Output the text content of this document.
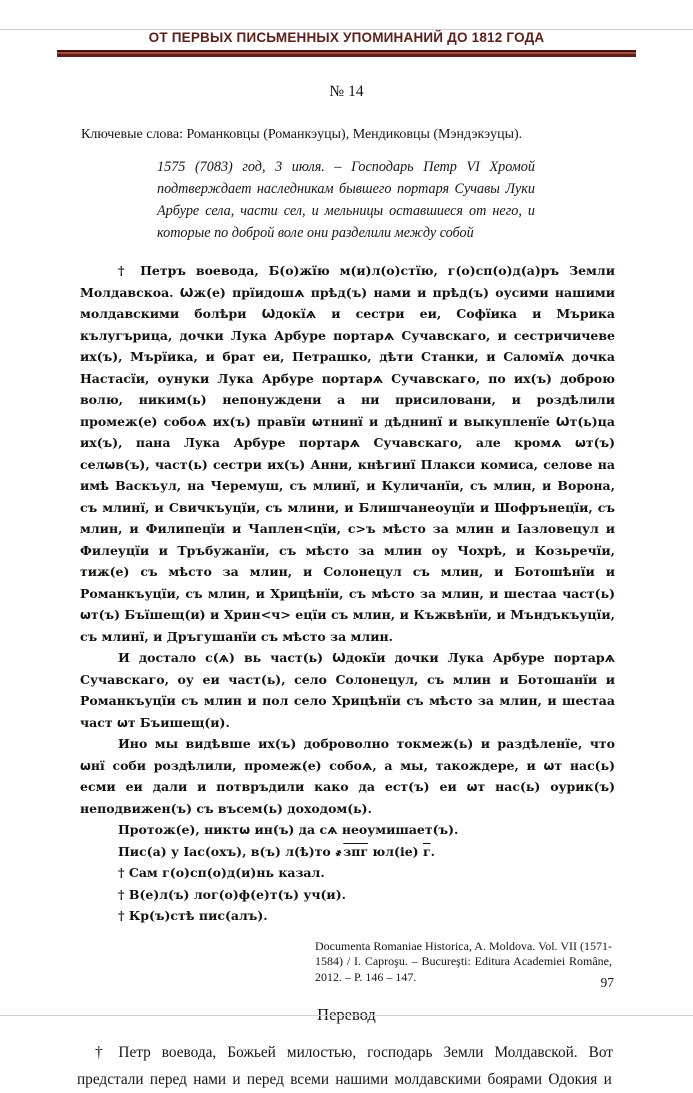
ОТ ПЕРВЫХ ПИСЬМЕННЫХ УПОМИНАНИЙ ДО 1812 ГОДА
№ 14

Ключевые слова: Романковцы (Романкэуцы), Мендиковцы (Мэндэкэуцы).

1575 (7083) год, 3 июля. – Господарь Петр VI Хромой подтверждает наследникам бывшего портаря Сучавы Луки Арбуре села, части сел, и мельницы оставшиеся от него, и которые по доброй воле они разделили между собой

† Петръ воевода, Б(о)жїю м(и)л(о)стїю, г(о)сп(о)д(а)ръ Земли Молдавскоа. Ѡж(е) прїидошѧ прѣд(ъ) нами и прѣд(ъ) оусими нашими молдавскими болѣри Ѡдокїѧ и сестри еи, Софїика и Мърика кълугърица, дочки Лука Арбуре портарѧ Сучавскаго, и сестричичеве их(ъ), Мърїика, и брат еи, Петрашко, дѣти Станки, и Саломїѧ дочка Настасїи, оунуки Лука Арбуре портарѧ Сучавскаго, по их(ъ) доброю волю, никим(ь) непонуждени а ни присиловани, и роздѣлили промеж(е) собоѧ их(ъ) правїи ѡтнинї и дѣднинї и выкупленїе Ѡт(ь)ца их(ъ), пана Лука Арбуре портарѧ Сучавскаго, але кромѧ ѡт(ъ) селѡв(ъ), част(ь) сестри их(ъ) Анни, кнѣгинї Плакси комиса, селове на имѣ Васкъул, на Черемуш, съ млинї, и Куличанїи, съ млин, и Ворона, съ млинї, и Свичкъуцїи, съ млини, и Блишчанеоуцїи и Шофрънецїи, съ млин, и Филипецїи и Чаплен<цїи, с>ъ мѣсто за млин и Іазловецул и Филеуцїи и Тръбужанїи, съ мѣсто за млин оу Чохрѣ, и Козьречїи, тиж(е) съ мѣсто за млин, и Солонецул съ млин, и Ботошѣнїи и Романкъуцїи, съ млин, и Хрицѣнїи, съ мѣсто за млин, и шестаа част(ь) ѡт(ъ) Бъїшещ(и) и Хрин<ч> ецїи съ млин, и Къжвѣнїи, и Мъндъкъуцїи, съ млинї, и Дръгушанїи съ мѣсто за млин.

И достало с(ѧ) вь част(ь) Ѡдокїи дочки Лука Арбуре портарѧ Сучавскаго, оу еи част(ь), село Солонецул, съ млин и Ботошанїи и Романкъуцїи съ млин и пол село Хрицѣнїи съ мѣсто за млин, и шестаа част ѡт Бъишещ(и).

Ино мы видѣвше их(ъ) доброволно токмеж(ь) и раздѣленїе, что ѡнї соби роздѣлили, промеж(е) собоѧ, а мы, такождере, и ѡт нас(ь) есми еи дали и потвръдили како да ест(ъ) еи ѡт нас(ь) оурик(ъ) неподвижен(ъ) съ въсем(ь) доходом(ь).

Протож(е), никтѡ ин(ъ) да сѧ неоумишает(ъ).

Пис(а) у Іас(охъ), в(ъ) л(ѣ)то ҂зпг юл(іе) г.

† Сам г(о)сп(о)д(и)нь казал.

† В(е)л(ъ) лог(о)ф(е)т(ъ) уч(и).

† Кр(ъ)стѣ пис(алъ).

Documenta Romaniae Historica, A. Moldova. Vol. VII (1571-1584) / I. Caproşu. – Bucureşti: Editura Academiei Române, 2012. – P. 146 – 147.

Перевод

† Петр воевода, Божьей милостью, господарь Земли Молдавской. Вот предстали перед нами и перед всеми нашими молдавскими боярами Одокия и

97
